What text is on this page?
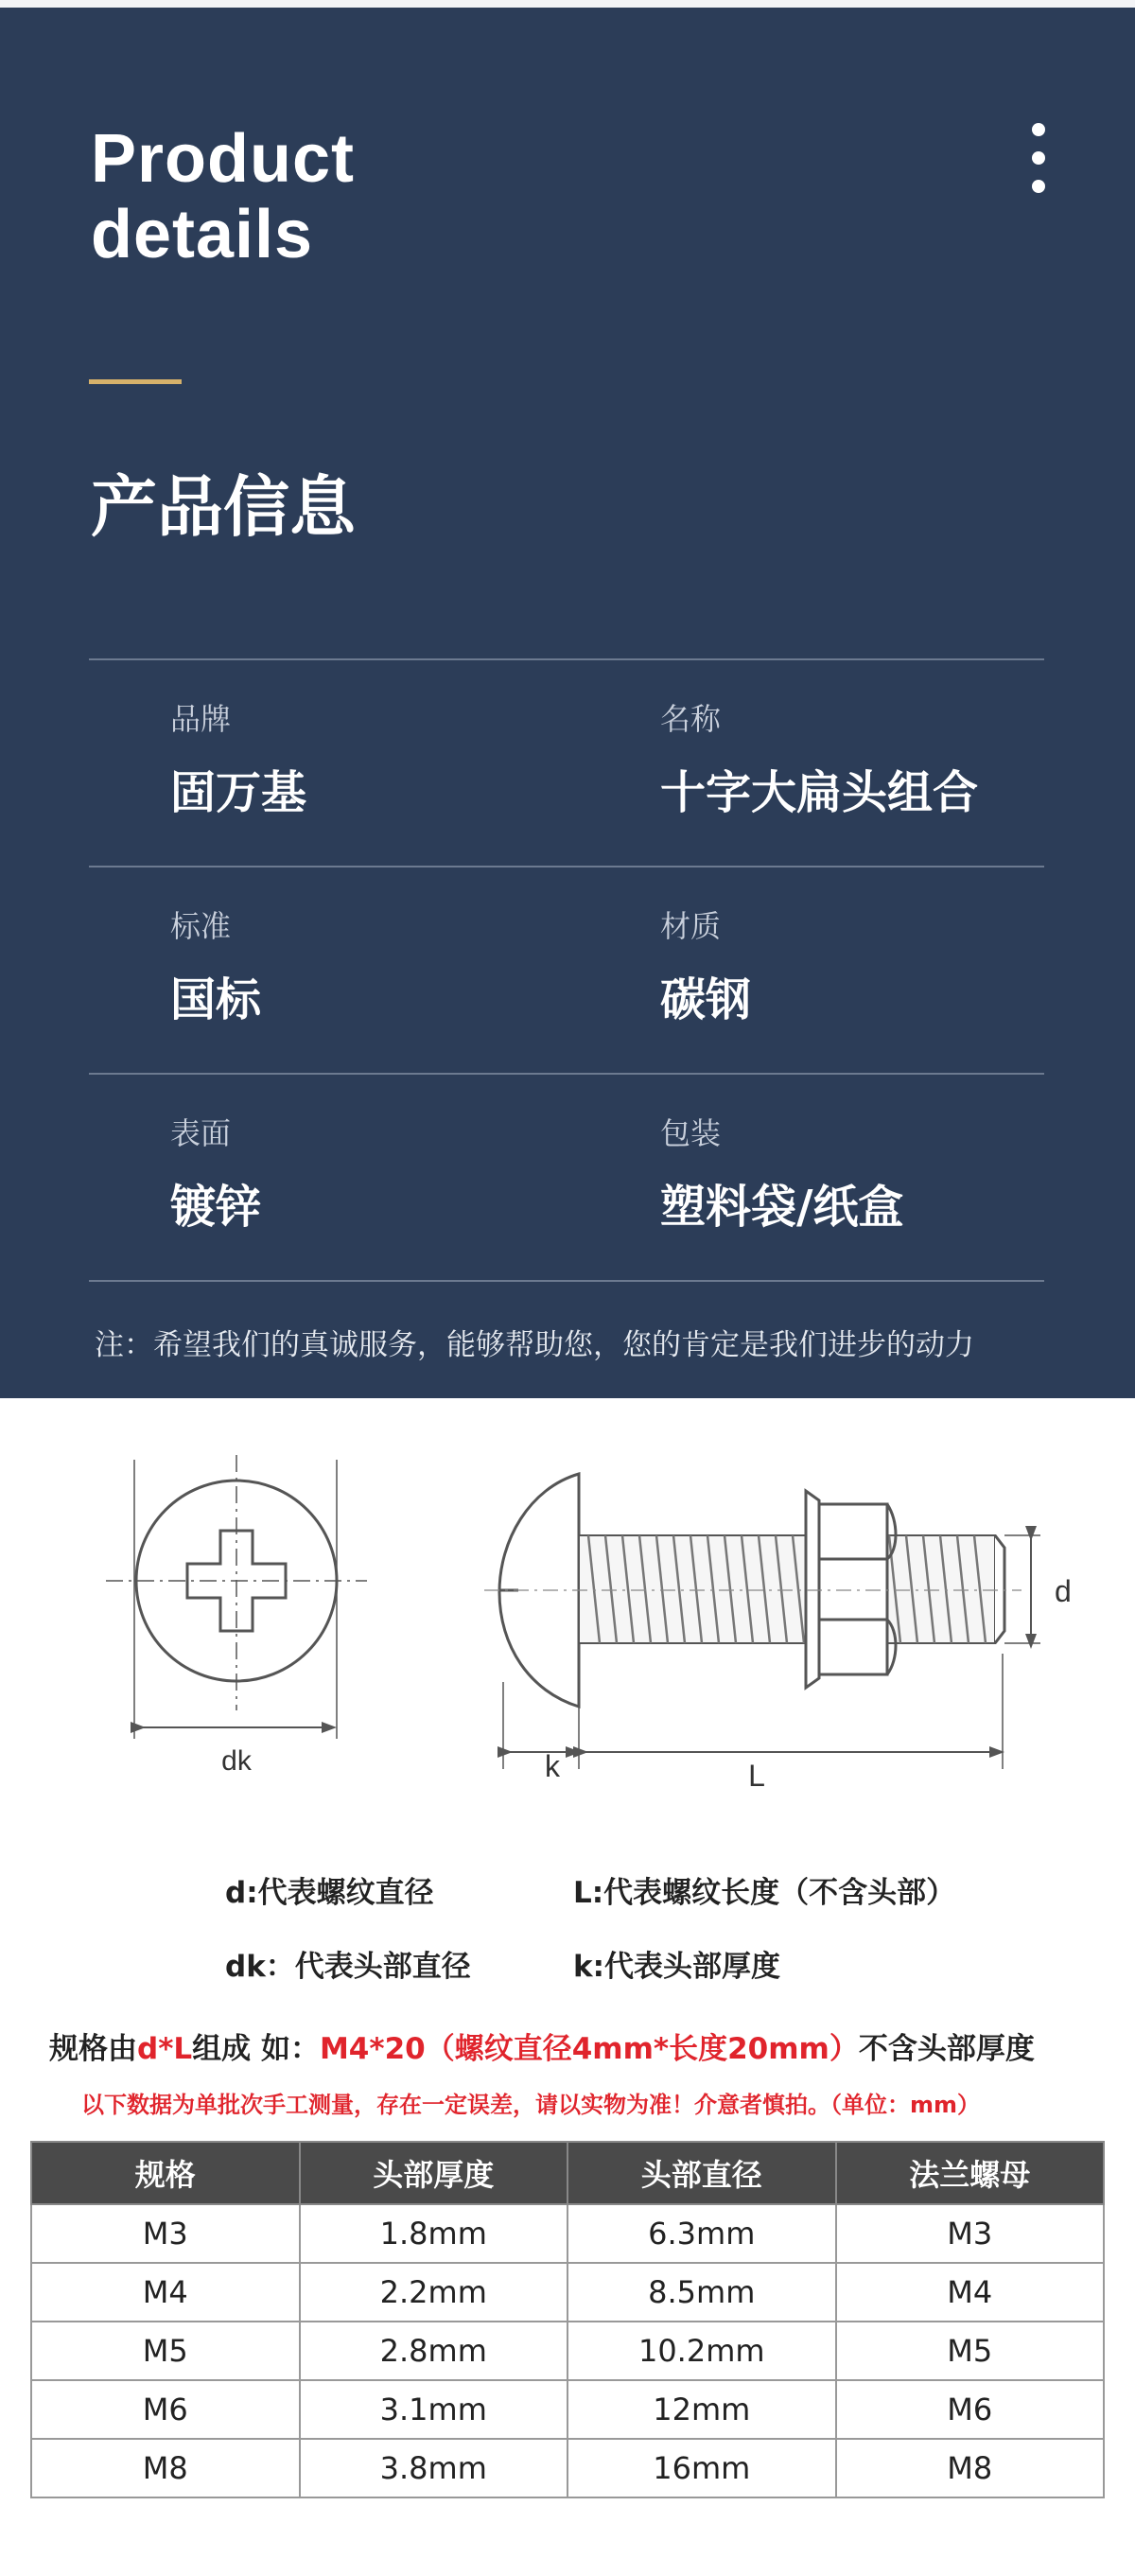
Product
details
产品信息
品牌
固万基
名称
十字大扁头组合
标准
国标
材质
碳钢
表面
镀锌
包装
塑料袋/纸盒
注：希望我们的真诚服务，能够帮助您，您的肯定是我们进步的动力
dk
d
k	L
d:代表螺纹直径	L:代表螺纹长度（不含头部）
dk：代表头部直径	k:代表头部厚度
规格由d*L组成 如：M4*20（螺纹直径4mm*长度20mm）不含头部厚度
以下数据为单批次手工测量，存在一定误差，请以实物为准！介意者慎拍。（单位：mm）
规格	头部厚度	头部直径	法兰螺母
M3	1.8mm	6.3mm	M3
M4	2.2mm	8.5mm	M4
M5	2.8mm	10.2mm	M5
M6	3.1mm	12mm	M6
M8	3.8mm	16mm	M8
